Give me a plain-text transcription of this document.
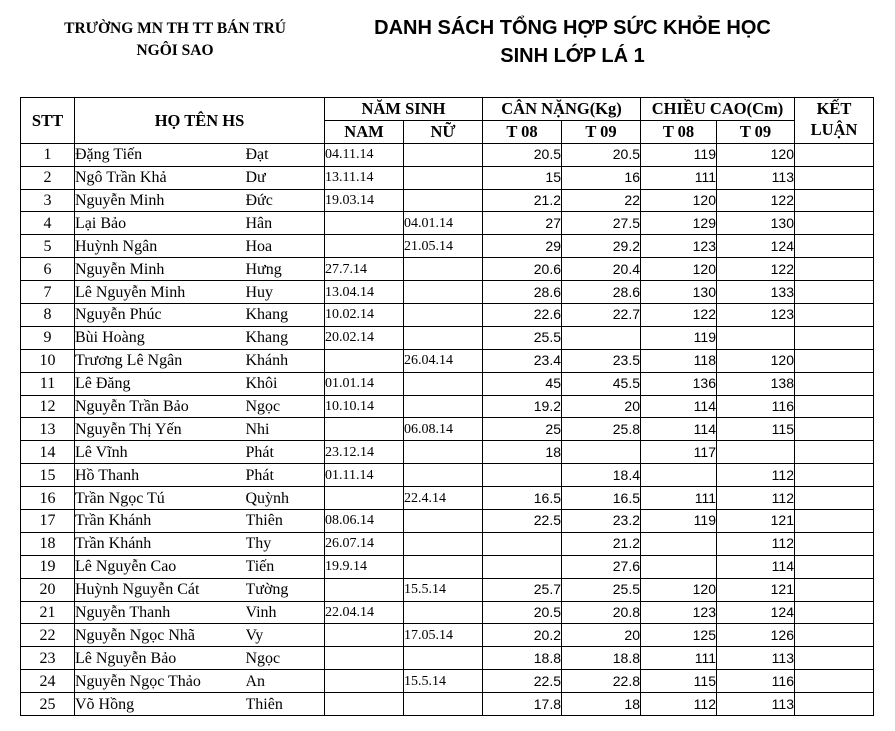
TRƯỜNG MN TH TT BÁN TRÚ
NGÔI SAO
DANH SÁCH TỔNG HỢP SỨC KHỎE HỌC
SINH LỚP LÁ 1
STT	HỌ TÊN HS		NĂM SINH		CÂN NẶNG(Kg)		CHIỀU CAO(Cm)		KẾT
LUẬN

			NAM	NỮ	T 08	T 09	T 08	T 09	
1	Đặng Tiến	Đạt	04.11.14		20.5	20.5	119	120	
2	Ngô Trần Khả	Dư	13.11.14		15	16	111	113	
3	Nguyễn Minh	Đức	19.03.14		21.2	22	120	122	
4	Lại Bảo	Hân		04.01.14	27	27.5	129	130	
5	Huỳnh Ngân	Hoa		21.05.14	29	29.2	123	124	
6	Nguyễn Minh	Hưng	27.7.14		20.6	20.4	120	122	
7	Lê Nguyễn Minh	Huy	13.04.14		28.6	28.6	130	133	
8	Nguyễn Phúc	Khang	10.02.14		22.6	22.7	122	123	
9	Bùi Hoàng	Khang	20.02.14		25.5		119		
10	Trương Lê Ngân	Khánh		26.04.14	23.4	23.5	118	120	
11	Lê Đăng	Khôi	01.01.14		45	45.5	136	138	
12	Nguyễn Trần Bảo	Ngọc	10.10.14		19.2	20	114	116	
13	Nguyễn Thị Yến	Nhi		06.08.14	25	25.8	114	115	
14	Lê Vĩnh	Phát	23.12.14		18		117		
15	Hồ Thanh	Phát	01.11.14			18.4		112	
16	Trần Ngọc Tú	Quỳnh		22.4.14	16.5	16.5	111	112	
17	Trần Khánh	Thiên	08.06.14		22.5	23.2	119	121	
18	Trần Khánh	Thy	26.07.14			21.2		112	
19	Lê Nguyễn Cao	Tiến	19.9.14			27.6		114	
20	Huỳnh Nguyễn Cát	Tường		15.5.14	25.7	25.5	120	121	
21	Nguyễn Thanh	Vinh	22.04.14		20.5	20.8	123	124	
22	Nguyễn Ngọc Nhã	Vy		17.05.14	20.2	20	125	126	
23	Lê Nguyễn Bảo	Ngọc			18.8	18.8	111	113	
24	Nguyễn Ngọc Thảo	An		15.5.14	22.5	22.8	115	116	
25	Võ Hồng	Thiên			17.8	18	112	113	
